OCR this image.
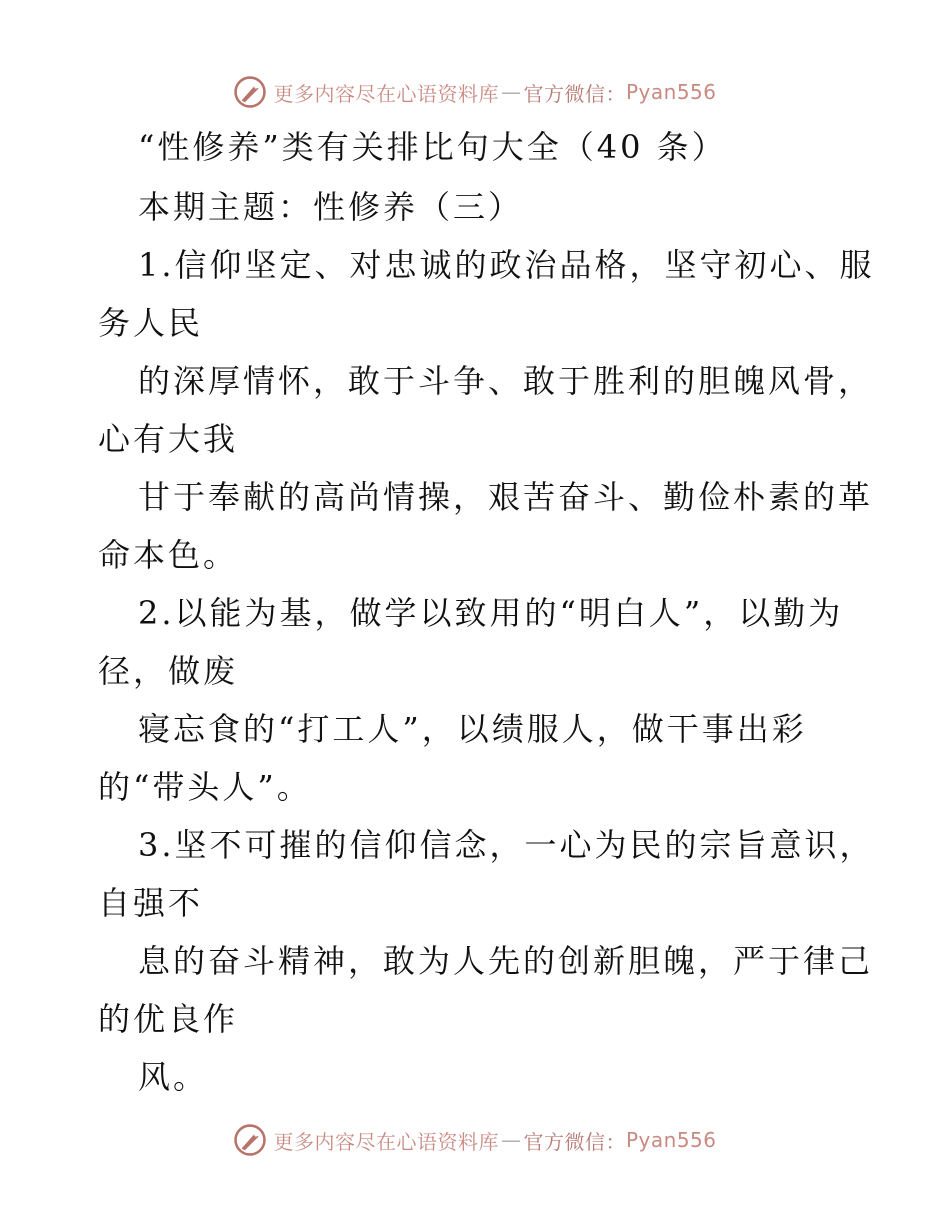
更多内容尽在心语资料库 — 官方微信： Pyan556
“性修养”类有关排比句大全（40 条）
本期主题：性修养（三）
1.信仰坚定、对忠诚的政治品格，坚守初心、服
务人民
的深厚情怀，敢于斗争、敢于胜利的胆魄风骨，
心有大我
甘于奉献的高尚情操，艰苦奋斗、勤俭朴素的革
命本色。
2.以能为基，做学以致用的“明白人”，以勤为
径，做废
寝忘食的“打工人”，以绩服人，做干事出彩
的“带头人”。
3.坚不可摧的信仰信念，一心为民的宗旨意识，
自强不
息的奋斗精神，敢为人先的创新胆魄，严于律己
的优良作
风。
更多内容尽在心语资料库 — 官方微信： Pyan556
